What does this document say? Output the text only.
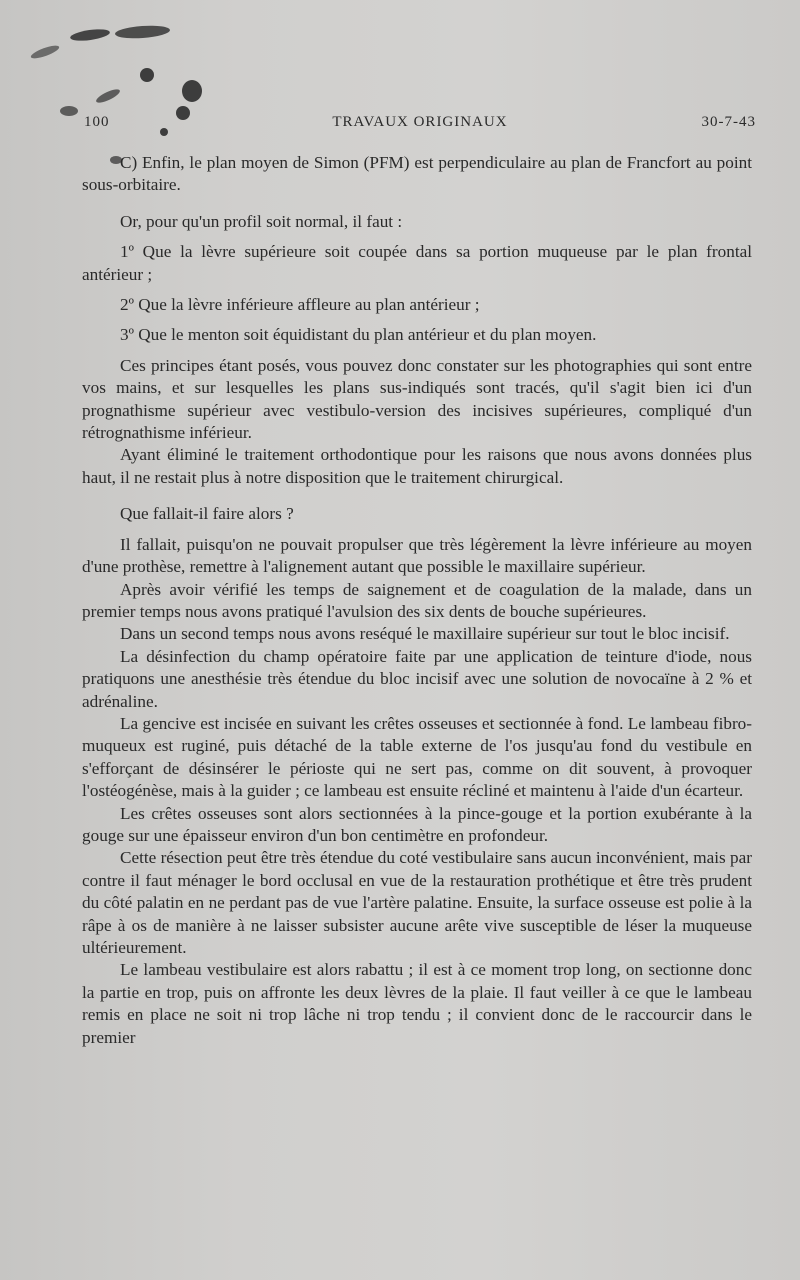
100	TRAVAUX ORIGINAUX	30-7-43

C) Enfin, le plan moyen de Simon (PFM) est perpendiculaire au plan de Francfort au point sous-orbitaire.

Or, pour qu'un profil soit normal, il faut :

1º Que la lèvre supérieure soit coupée dans sa portion muqueuse par le plan frontal antérieur ;

2º Que la lèvre inférieure affleure au plan antérieur ;

3º Que le menton soit équidistant du plan antérieur et du plan moyen.

Ces principes étant posés, vous pouvez donc constater sur les photographies qui sont entre vos mains, et sur lesquelles les plans sus-indiqués sont tracés, qu'il s'agit bien ici d'un prognathisme supérieur avec vestibulo-version des incisives supérieures, compliqué d'un rétrognathisme inférieur.

Ayant éliminé le traitement orthodontique pour les raisons que nous avons données plus haut, il ne restait plus à notre disposition que le traitement chirurgical.

Que fallait-il faire alors ?

Il fallait, puisqu'on ne pouvait propulser que très légèrement la lèvre inférieure au moyen d'une prothèse, remettre à l'alignement autant que possible le maxillaire supérieur.

Après avoir vérifié les temps de saignement et de coagulation de la malade, dans un premier temps nous avons pratiqué l'avulsion des six dents de bouche supérieures.

Dans un second temps nous avons reséqué le maxillaire supérieur sur tout le bloc incisif.

La désinfection du champ opératoire faite par une application de teinture d'iode, nous pratiquons une anesthésie très étendue du bloc incisif avec une solution de novocaïne à 2 % et adrénaline.

La gencive est incisée en suivant les crêtes osseuses et sectionnée à fond. Le lambeau fibro-muqueux est ruginé, puis détaché de la table externe de l'os jusqu'au fond du vestibule en s'efforçant de désinsérer le périoste qui ne sert pas, comme on dit souvent, à provoquer l'ostéogénèse, mais à la guider ; ce lambeau est ensuite récliné et maintenu à l'aide d'un écarteur.

Les crêtes osseuses sont alors sectionnées à la pince-gouge et la portion exubérante à la gouge sur une épaisseur environ d'un bon centimètre en profondeur.

Cette résection peut être très étendue du coté vestibulaire sans aucun inconvénient, mais par contre il faut ménager le bord occlusal en vue de la restauration prothétique et être très prudent du côté palatin en ne perdant pas de vue l'artère palatine. Ensuite, la surface osseuse est polie à la râpe à os de manière à ne laisser subsister aucune arête vive susceptible de léser la muqueuse ultérieurement.

Le lambeau vestibulaire est alors rabattu ; il est à ce moment trop long, on sectionne donc la partie en trop, puis on affronte les deux lèvres de la plaie. Il faut veiller à ce que le lambeau remis en place ne soit ni trop lâche ni trop tendu ; il convient donc de le raccourcir dans le premier
